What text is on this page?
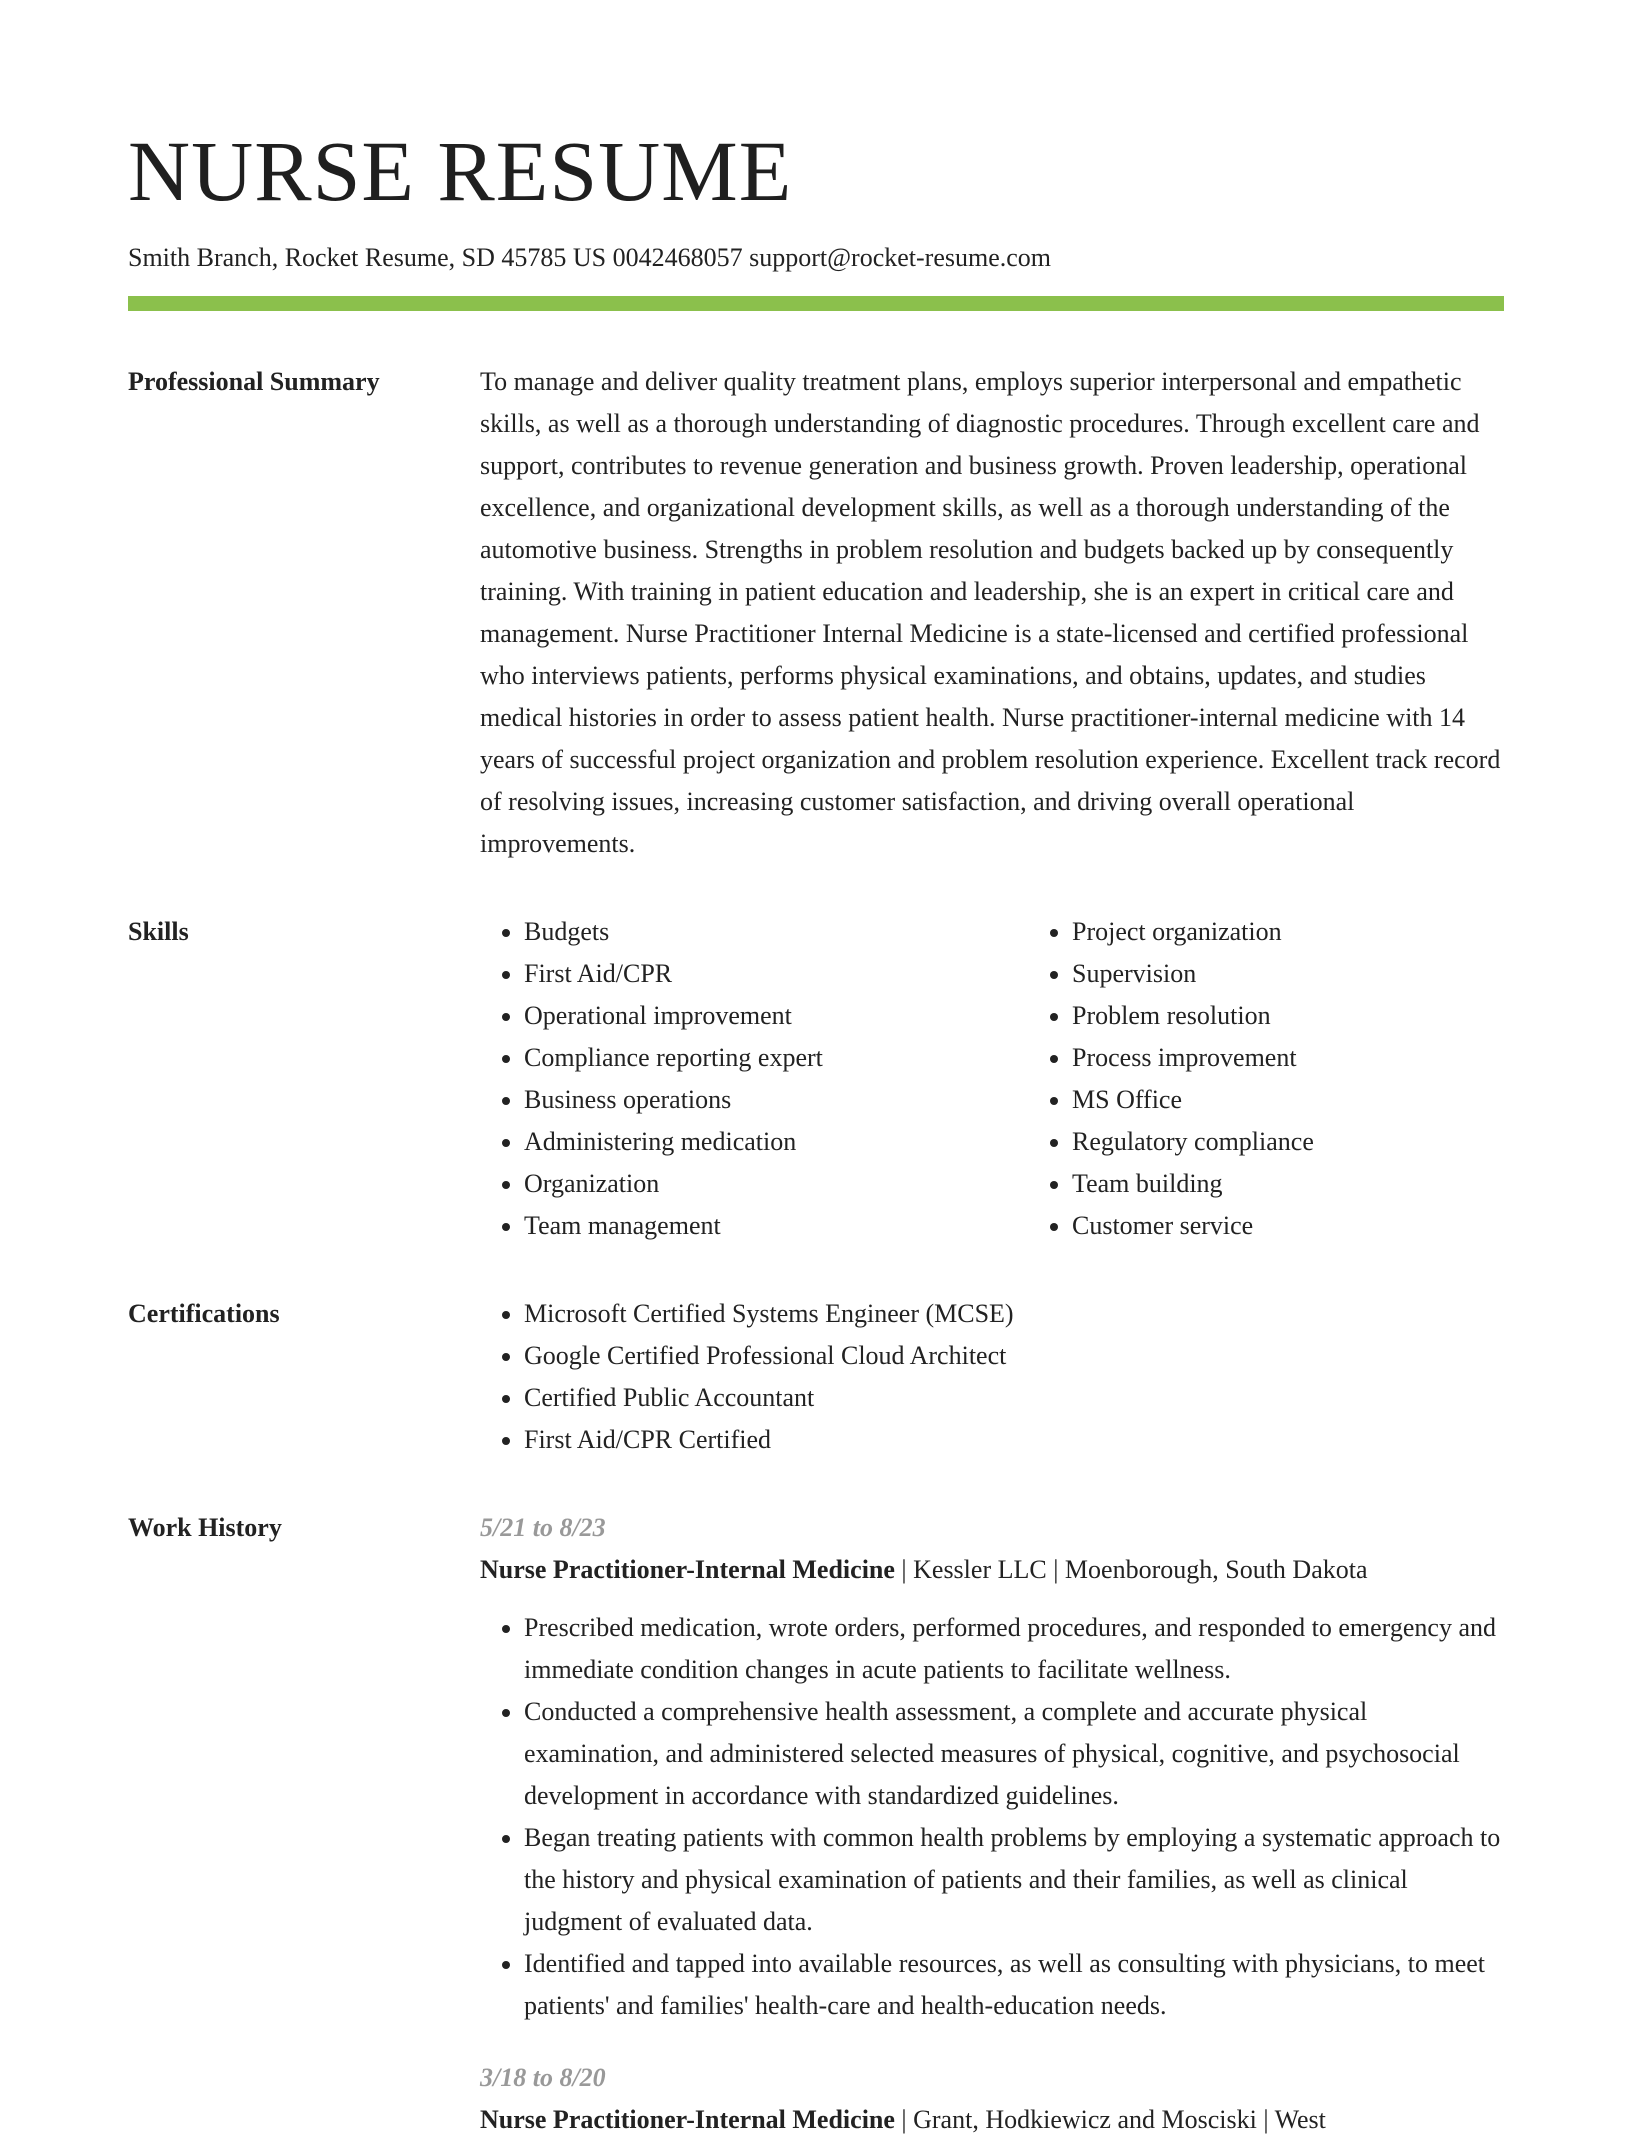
NURSE RESUME
Smith Branch, Rocket Resume, SD 45785 US 0042468057 support@rocket-resume.com
Professional Summary	To manage and deliver quality treatment plans, employs superior interpersonal and empathetic skills, as well as a thorough understanding of diagnostic procedures. Through excellent care and support, contributes to revenue generation and business growth. Proven leadership, operational excellence, and organizational development skills, as well as a thorough understanding of the automotive business. Strengths in problem resolution and budgets backed up by consequently training. With training in patient education and leadership, she is an expert in critical care and management. Nurse Practitioner Internal Medicine is a state-licensed and certified professional who interviews patients, performs physical examinations, and obtains, updates, and studies medical histories in order to assess patient health. Nurse practitioner-internal medicine with 14 years of successful project organization and problem resolution experience. Excellent track record of resolving issues, increasing customer satisfaction, and driving overall operational improvements.

Skills	• Budgets
• First Aid/CPR
• Operational improvement
• Compliance reporting expert
• Business operations
• Administering medication
• Organization
• Team management
• Project organization
• Supervision
• Problem resolution
• Process improvement
• MS Office
• Regulatory compliance
• Team building
• Customer service
Certifications	• Microsoft Certified Systems Engineer (MCSE)
• Google Certified Professional Cloud Architect
• Certified Public Accountant
• First Aid/CPR Certified
Work History	5/21 to 8/23
Nurse Practitioner-Internal Medicine | Kessler LLC | Moenborough, South Dakota
• Prescribed medication, wrote orders, performed procedures, and responded to emergency and immediate condition changes in acute patients to facilitate wellness.
• Conducted a comprehensive health assessment, a complete and accurate physical examination, and administered selected measures of physical, cognitive, and psychosocial development in accordance with standardized guidelines.
• Began treating patients with common health problems by employing a systematic approach to the history and physical examination of patients and their families, as well as clinical judgment of evaluated data.
• Identified and tapped into available resources, as well as consulting with physicians, to meet patients' and families' health-care and health-education needs.
3/18 to 8/20
Nurse Practitioner-Internal Medicine | Grant, Hodkiewicz and Mosciski | West
